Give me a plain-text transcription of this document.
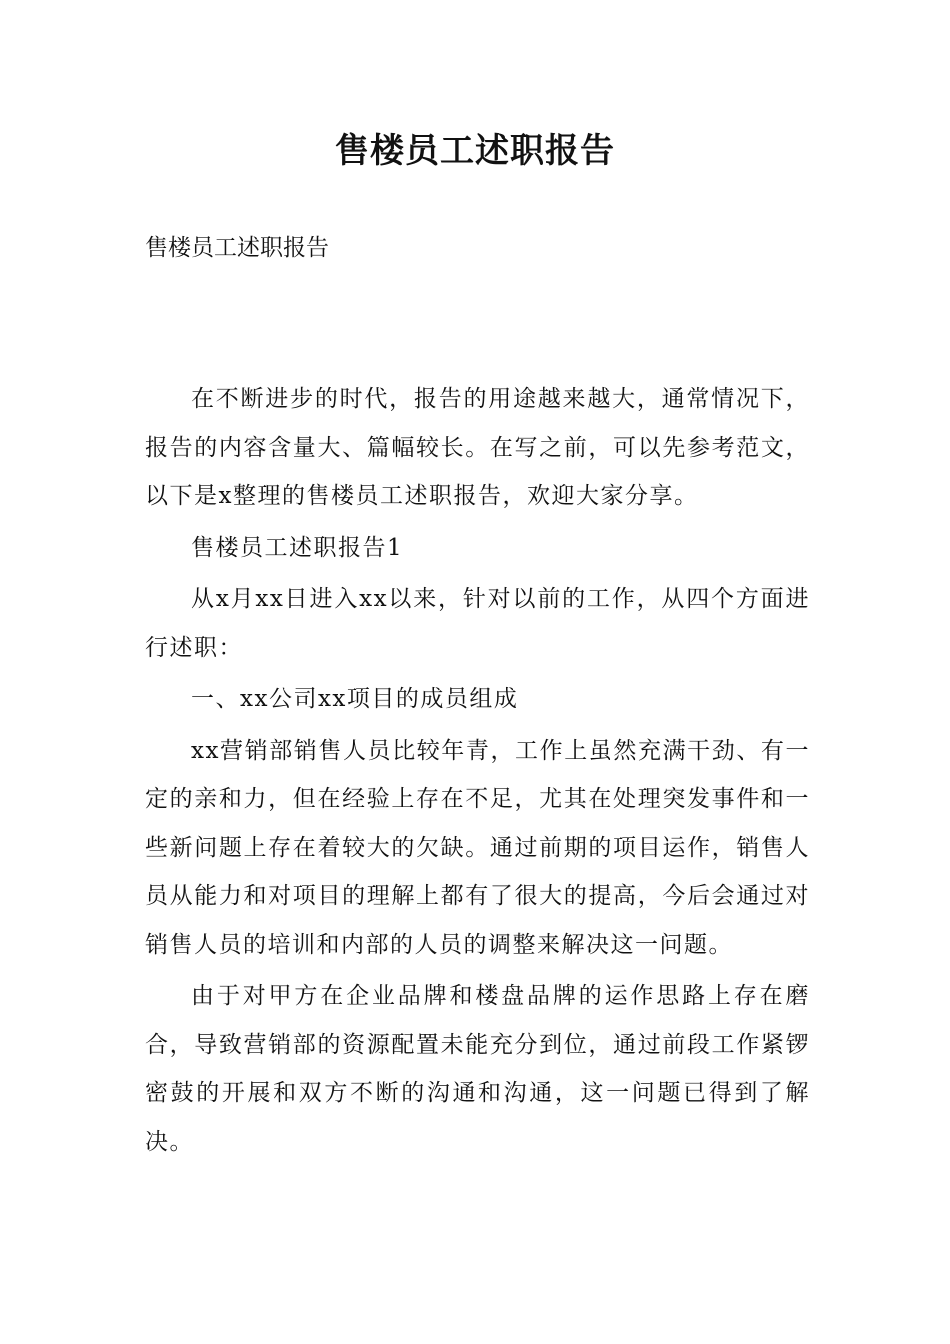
售楼员工述职报告

售楼员工述职报告

在不断进步的时代，报告的用途越来越大，通常情况下，报告的内容含量大、篇幅较长。在写之前，可以先参考范文，以下是x整理的售楼员工述职报告，欢迎大家分享。

售楼员工述职报告1

从x月xx日进入xx以来，针对以前的工作，从四个方面进行述职：

一、xx公司xx项目的成员组成

xx营销部销售人员比较年青，工作上虽然充满干劲、有一定的亲和力，但在经验上存在不足，尤其在处理突发事件和一些新问题上存在着较大的欠缺。通过前期的项目运作，销售人员从能力和对项目的理解上都有了很大的提高，今后会通过对销售人员的培训和内部的人员的调整来解决这一问题。

由于对甲方在企业品牌和楼盘品牌的运作思路上存在磨合，导致营销部的资源配置未能充分到位，通过前段工作紧锣密鼓的开展和双方不断的沟通和沟通，这一问题已得到了解决。
